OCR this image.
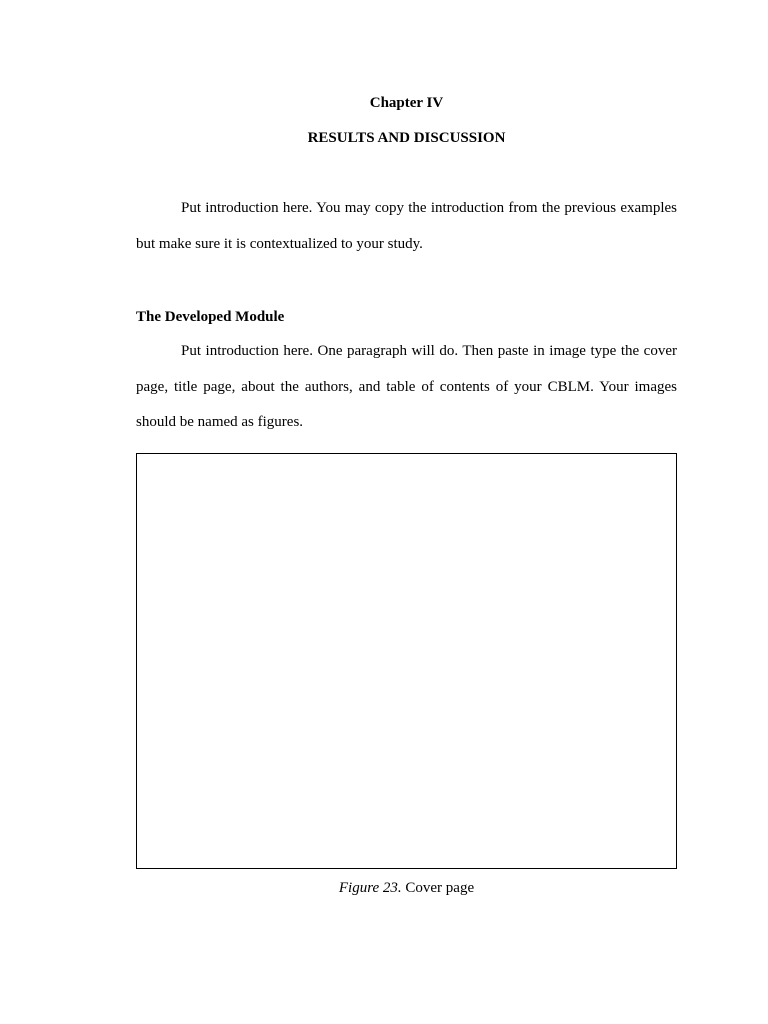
Chapter IV
RESULTS AND DISCUSSION

Put introduction here. You may copy the introduction from the previous examples but make sure it is contextualized to your study.

The Developed Module

Put introduction here. One paragraph will do. Then paste in image type the cover page, title page, about the authors, and table of contents of your CBLM. Your images should be named as figures.

Figure 23. Cover page
